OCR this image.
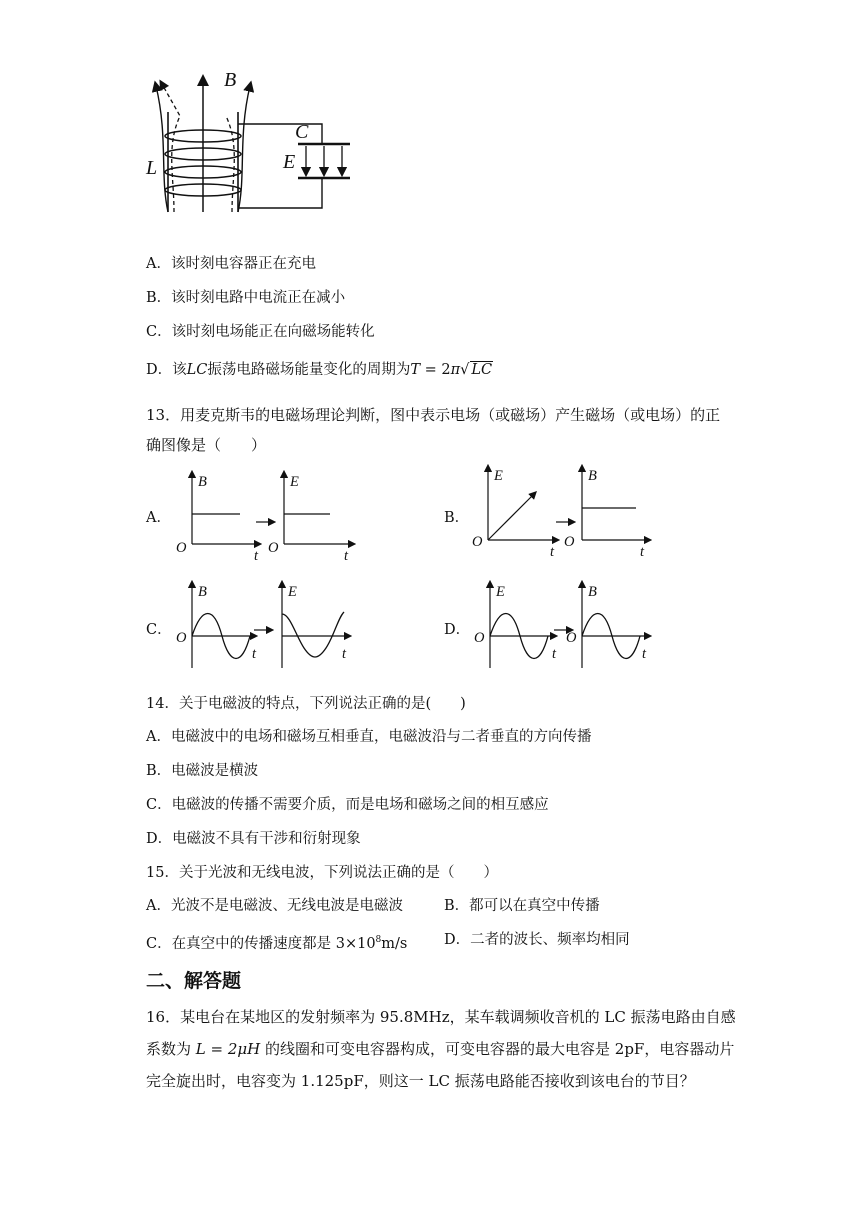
B
L
C
E
A．该时刻电容器正在充电
B．该时刻电路中电流正在减小
C．该时刻电场能正在向磁场能转化
D．该LC振荡电路磁场能量变化的周期为T = 2π√ LC
13．用麦克斯韦的电磁场理论判断，图中表示电场（或磁场）产生磁场（或电场）的正
确图像是（　　）
A．
B
O	t
E
O	t
B．
E
O
t
B
O
t
C．
B
O
t
E
t
D．
E
O
t
B
O
t
14．关于电磁波的特点，下列说法正确的是(　　)
A．电磁波中的电场和磁场互相垂直，电磁波沿与二者垂直的方向传播
B．电磁波是横波
C．电磁波的传播不需要介质，而是电场和磁场之间的相互感应
D．电磁波不具有干涉和衍射现象
15．关于光波和无线电波，下列说法正确的是（　　）
A．光波不是电磁波、无线电波是电磁波	B．都可以在真空中传播
C．在真空中的传播速度都是 $3\times 10^8m/s$	D．二者的波长、频率均相同
二、解答题
16．某电台在某地区的发射频率为 95.8MHz，某车载调频收音机的 LC 振荡电路由自感
系数为 L = 2μH 的线圈和可变电容器构成，可变电容器的最大电容是 2pF，电容器动片
完全旋出时，电容变为 1.125pF，则这一 LC 振荡电路能否接收到该电台的节目？
